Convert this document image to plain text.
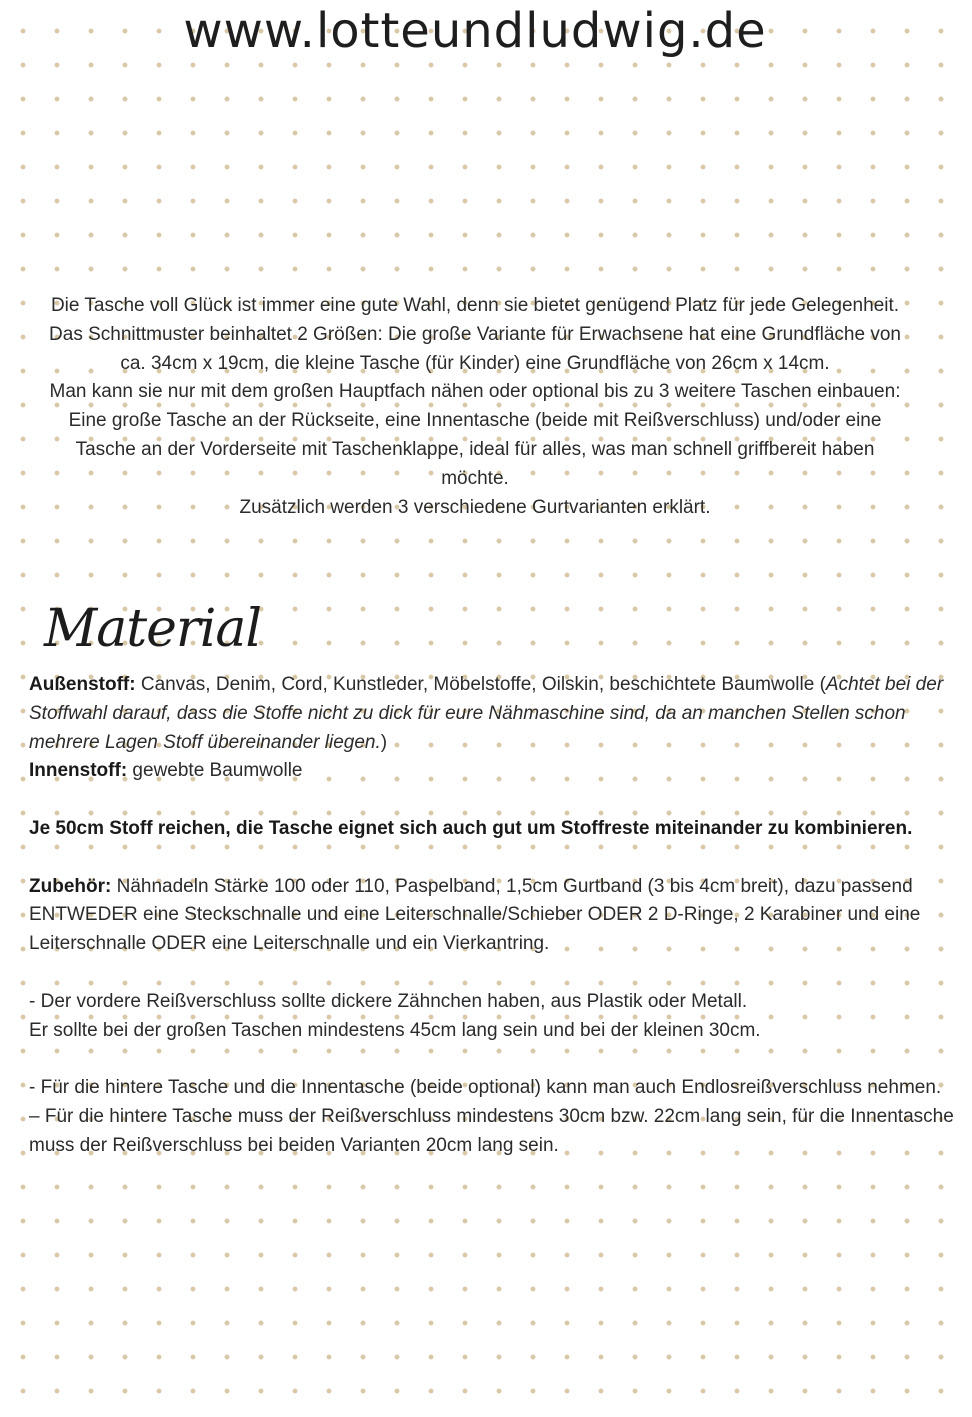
www.lotteundludwig.de

Die Tasche voll Glück ist immer eine gute Wahl, denn sie bietet genügend Platz für jede Gelegenheit.

Das Schnittmuster beinhaltet 2 Größen: Die große Variante für Erwachsene hat eine Grundfläche von ca. 34cm x 19cm, die kleine Tasche (für Kinder) eine Grundfläche von 26cm x 14cm.

Man kann sie nur mit dem großen Hauptfach nähen oder optional bis zu 3 weitere Taschen einbauen: Eine große Tasche an der Rückseite, eine Innentasche (beide mit Reißverschluss) und/oder eine Tasche an der Vorderseite mit Taschenklappe, ideal für alles, was man schnell griffbereit haben möchte.

Zusätzlich werden 3 verschiedene Gurtvarianten erklärt.

Material

Außenstoff: Canvas, Denim, Cord, Kunstleder, Möbelstoffe, Oilskin, beschichtete Baumwolle (Achtet bei der Stoffwahl darauf, dass die Stoffe nicht zu dick für eure Nähmaschine sind, da an manchen Stellen schon mehrere Lagen Stoff übereinander liegen.)

Innenstoff: gewebte Baumwolle

Je 50cm Stoff reichen, die Tasche eignet sich auch gut um Stoffreste miteinander zu kombinieren.

Zubehör: Nähnadeln Stärke 100 oder 110, Paspelband, 1,5cm Gurtband (3 bis 4cm breit), dazu passend ENTWEDER eine Steckschnalle und eine Leiterschnalle/Schieber ODER 2 D-Ringe, 2 Karabiner und eine Leiterschnalle ODER eine Leiterschnalle und ein Vierkantring.

- Der vordere Reißverschluss sollte dickere Zähnchen haben, aus Plastik oder Metall.

Er sollte bei der großen Taschen mindestens 45cm lang sein und bei der kleinen 30cm.

- Für die hintere Tasche und die Innentasche (beide optional) kann man auch Endlosreißverschluss nehmen.

– Für die hintere Tasche muss der Reißverschluss mindestens 30cm bzw. 22cm lang sein, für die Innentasche muss der Reißverschluss bei beiden Varianten 20cm lang sein.
